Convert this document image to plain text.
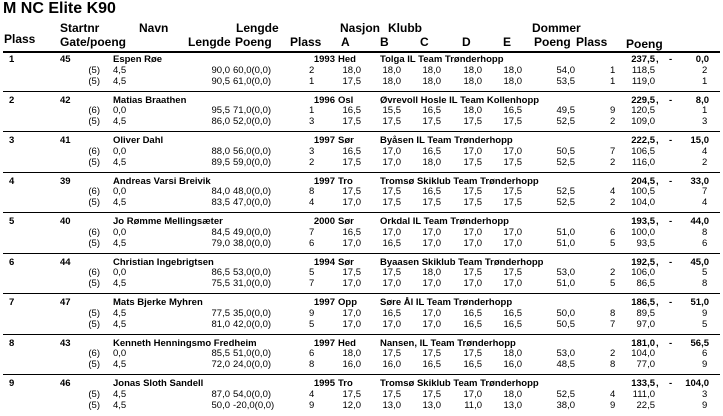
M NC Elite K90
Startnr	Navn	Lengde	Nasjon Klubb	Dommer
Plass Gate/poeng	Lengde Poeng Plass A	B	C	D	E Poeng Plass Poeng
1	45	Espen Røe	1993 Hed	Tolga IL Team Trønderhopp	237,5	0,0
, -
(5) 4,5	90,0 60,0(0,0)	2	18,0 18,0 18,0 18,0 18,0	54,0	1 118,5	2
(5) 4,5	90,5 61,0(0,0)	1	17,5 18,0 18,0 18,0 18,0	53,5	1 119,0	1
2	42	Matias Braathen	1996 Osl	Øvrevoll Hosle IL Team Kollenhopp	229,5	8,0
, -
(6) 0,0	95,5 71,0(0,0)	1	16,5 15,5 16,5 18,0 16,5	49,5	9 120,5	1
(5) 4,5	86,0 52,0(0,0)	3	17,5 17,5 17,5 17,5 17,5	52,5	2 109,0	3
3	41	Oliver Dahl	1997 Sør	Byåsen IL Team Trønderhopp	222,5	15,0
, -
(6) 0,0	88,0 56,0(0,0)	3	16,5 17,0 16,5 17,0 17,0	50,5	7 106,5	4
(5) 4,5	89,5 59,0(0,0)	2	17,5 17,0 18,0 17,5 17,5	52,5	2 116,0	2
4	39	Andreas Varsi Breivik	1997 Tro	Tromsø Skiklub Team Trønderhopp	204,5	33,0
, -
(6) 0,0	84,0 48,0(0,0)	8	17,5 17,5 16,5 17,5 17,5	52,5	4 100,5	7
(5) 4,5	83,5 47,0(0,0)	4	17,0 17,5 17,5 17,5 17,5	52,5	2 104,0	4
5	40	Jo Rømme Mellingsæter	2000 Sør	Orkdal IL Team Trønderhopp	193,5	44,0
, -
(6) 0,0	84,5 49,0(0,0)	7	16,5 17,0 17,0 17,0 17,0	51,0	6 100,0	8
(5) 4,5	79,0 38,0(0,0)	6	17,0 16,5 17,0 17,0 17,0	51,0	5 93,5	6
6	44	Christian Ingebrigtsen	1994 Sør	Byaasen Skiklub Team Trønderhopp	192,5	45,0
, -
(6) 0,0	86,5 53,0(0,0)	5	17,5 17,5 18,0 17,5 17,5	53,0	2 106,0	5
(5) 4,5	75,5 31,0(0,0)	7	17,0 17,0 17,0 17,0 17,0	51,0	5 86,5	8
7	47	Mats Bjerke Myhren	1997 Opp Søre Ål IL Team Trønderhopp	186,5	51,0
, -
(5) 4,5	77,5 35,0(0,0)	9	17,0 16,5 17,0 16,5 16,5	50,0	8 89,5	9
(5) 4,5	81,0 42,0(0,0)	5	17,0 17,0 17,0 16,5 16,5	50,5	7 97,0	5
8	43	Kenneth Henningsmo Fredheim	1997 Hed	Nansen, IL Team Trønderhopp	181,0	56,5
, -
(6) 0,0	85,5 51,0(0,0)	6	18,0 17,5 17,5 17,5 18,0	53,0	2 104,0	6
(5) 4,5	72,0 24,0(0,0)	8	16,0 16,0 16,5 16,5 16,0	48,5	8 77,0	9
9	46	Jonas Sloth Sandell	1995 Tro	Tromsø Skiklub Team Trønderhopp	133,5	104,0
, -
(5) 4,5	87,0 54,0(0,0)	4	17,5 17,5 17,5 17,0 18,0	52,5	4 111,0	3
(5) 4,5	50,0 -20,0(0,0)	9	12,0 13,0 13,0 11,0 13,0	38,0	9 22,5	9
